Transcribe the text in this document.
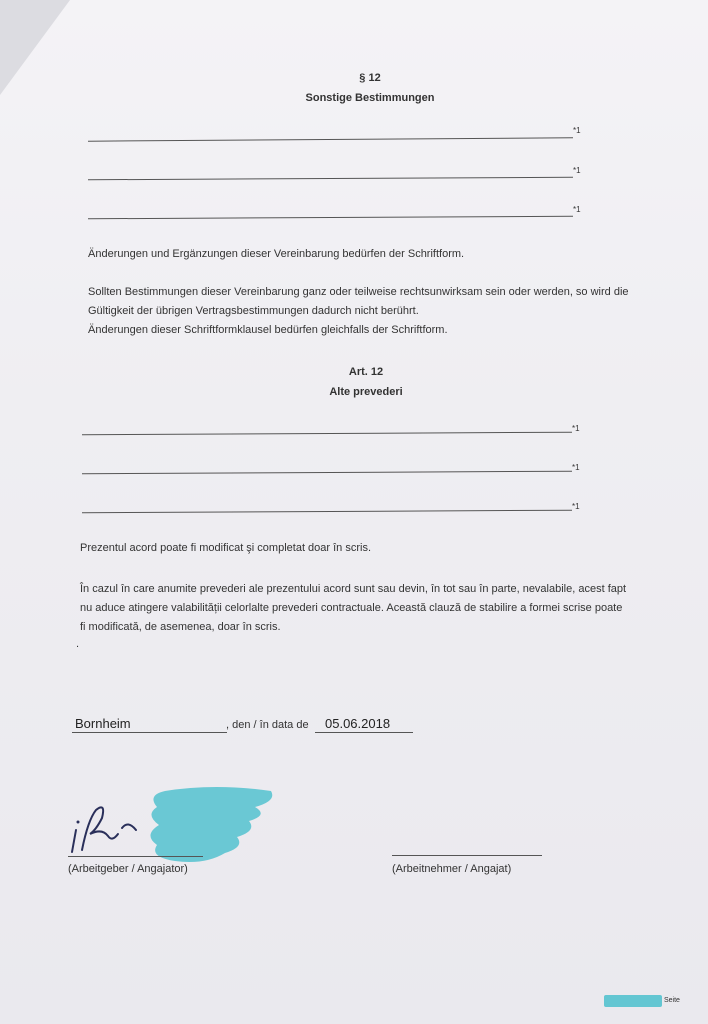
§ 12
Sonstige Bestimmungen
*1
*1
*1
Änderungen und Ergänzungen dieser Vereinbarung bedürfen der Schriftform.
Sollten Bestimmungen dieser Vereinbarung ganz oder teilweise rechtsunwirksam sein oder werden, so wird die
Gültigkeit der übrigen Vertragsbestimmungen dadurch nicht berührt.
Änderungen dieser Schriftformklausel bedürfen gleichfalls der Schriftform.
Art. 12
Alte prevederi
*1
*1
*1
Prezentul acord poate fi modificat şi completat doar în scris.
În cazul în care anumite prevederi ale prezentului acord sunt sau devin, în tot sau în parte, nevalabile, acest fapt
nu aduce atingere valabilității celorlalte prevederi contractuale. Această clauză de stabilire a formei scrise poate
fi modificată, de asemenea, doar în scris.
.
Bornheim	, den / în data de 05.06.2018
i. A.
(Arbeitgeber / Angajator)	(Arbeitnehmer / Angajat)
Seite
